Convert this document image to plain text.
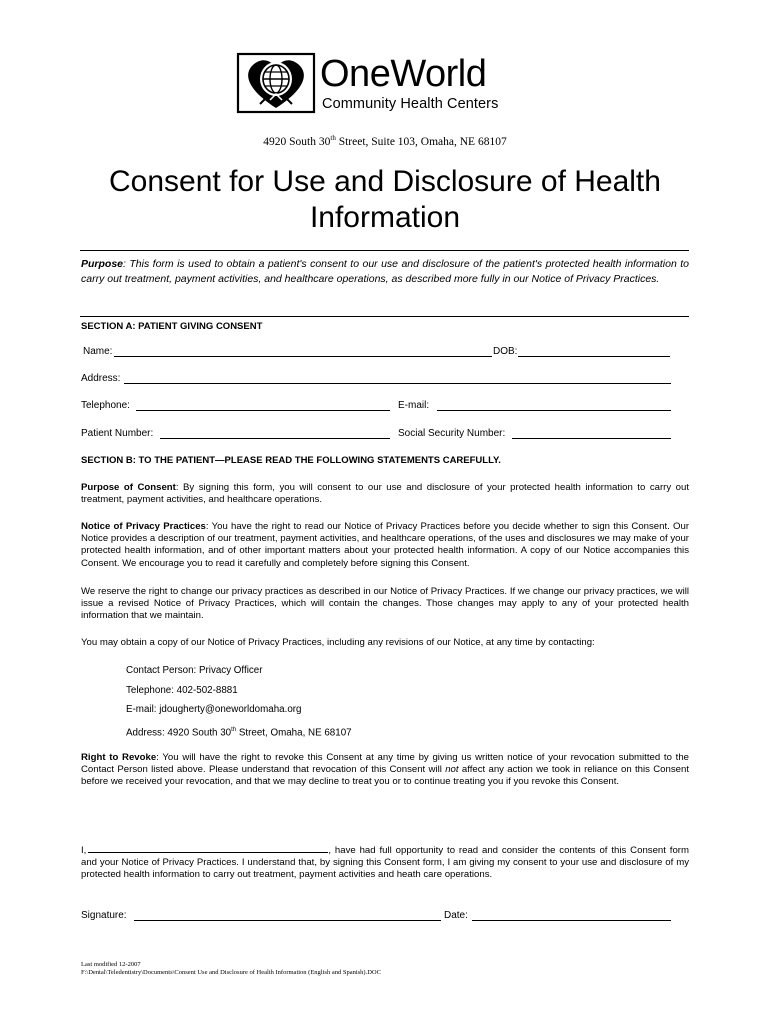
OneWorld
Community Health Centers
4920 South 30th Street, Suite 103, Omaha, NE 68107
Consent for Use and Disclosure of Health Information
Purpose: This form is used to obtain a patient's consent to our use and disclosure of the patient's protected health information to carry out treatment, payment activities, and healthcare operations, as described more fully in our Notice of Privacy Practices.
SECTION A: PATIENT GIVING CONSENT
Name:	DOB:
Address:
Telephone:	E-mail:
Patient Number:	Social Security Number:
SECTION B: TO THE PATIENT—PLEASE READ THE FOLLOWING STATEMENTS CAREFULLY.
Purpose of Consent: By signing this form, you will consent to our use and disclosure of your protected health information to carry out treatment, payment activities, and healthcare operations.
Notice of Privacy Practices: You have the right to read our Notice of Privacy Practices before you decide whether to sign this Consent. Our Notice provides a description of our treatment, payment activities, and healthcare operations, of the uses and disclosures we may make of your protected health information, and of other important matters about your protected health information. A copy of our Notice accompanies this Consent. We encourage you to read it carefully and completely before signing this Consent.
We reserve the right to change our privacy practices as described in our Notice of Privacy Practices. If we change our privacy practices, we will issue a revised Notice of Privacy Practices, which will contain the changes. Those changes may apply to any of your protected health information that we maintain.
You may obtain a copy of our Notice of Privacy Practices, including any revisions of our Notice, at any time by contacting:
Contact Person: Privacy Officer
Telephone: 402-502-8881
E-mail: jdougherty@oneworldomaha.org
Address: 4920 South 30th Street, Omaha, NE 68107
Right to Revoke: You will have the right to revoke this Consent at any time by giving us written notice of your revocation submitted to the Contact Person listed above. Please understand that revocation of this Consent will not affect any action we took in reliance on this Consent before we received your revocation, and that we may decline to treat you or to continue treating you if you revoke this Consent.
I,	, have had full opportunity to read and consider the contents of this Consent form and your Notice of Privacy Practices. I understand that, by signing this Consent form, I am giving my consent to your use and disclosure of my protected health information to carry out treatment, payment activities and heath care operations.
Signature:	Date:
Last modified 12-2007
F:\Dental\Teledentistry\Documents\Consent Use and Disclosure of Health Information (English and Spanish).DOC
